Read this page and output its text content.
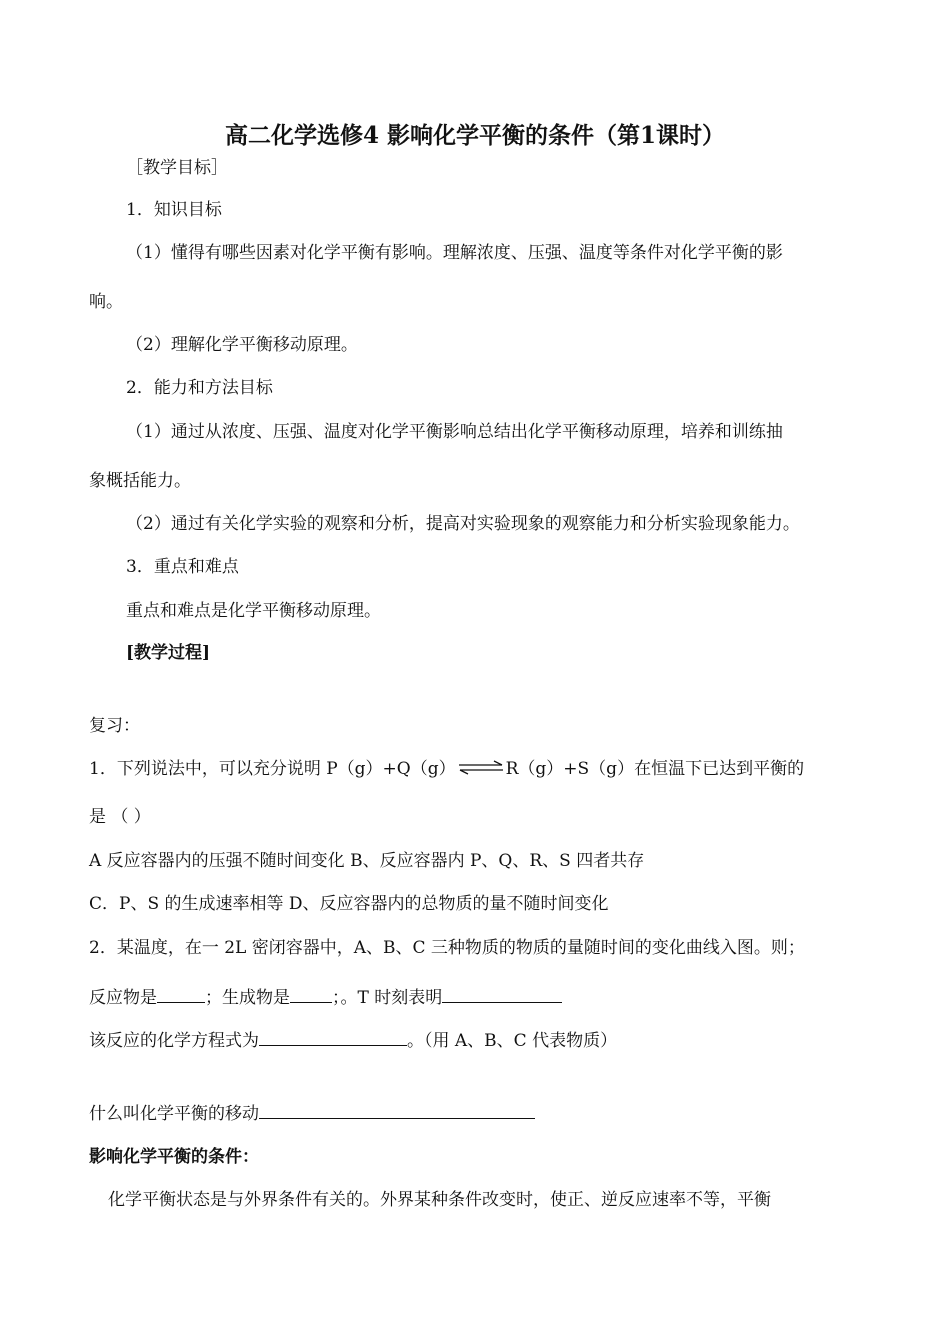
高二化学选修4 影响化学平衡的条件（第1课时）
［教学目标］
1．知识目标
（1）懂得有哪些因素对化学平衡有影响。理解浓度、压强、温度等条件对化学平衡的影
响。
（2）理解化学平衡移动原理。
2．能力和方法目标
（1）通过从浓度、压强、温度对化学平衡影响总结出化学平衡移动原理，培养和训练抽
象概括能力。
（2）通过有关化学实验的观察和分析，提高对实验现象的观察能力和分析实验现象能力。
3．重点和难点
重点和难点是化学平衡移动原理。
[教学过程]
复习：
1．下列说法中，可以充分说明 P（g）+Q（g） ⇌ R（g）+S（g）在恒温下已达到平衡的
是 （ ）
A 反应容器内的压强不随时间变化 B、反应容器内 P、Q、R、S 四者共存
C．P、S 的生成速率相等 D、反应容器内的总物质的量不随时间变化
2．某温度，在一 2L 密闭容器中，A、B、C 三种物质的物质的量随时间的变化曲线入图。则；
反应物是	；生成物是 ；。T 时刻表明
该反应的化学方程式为	。（用 A、B、C 代表物质）
什么叫化学平衡的移动
影响化学平衡的条件：
化学平衡状态是与外界条件有关的。外界某种条件改变时，使正、逆反应速率不等，平衡
